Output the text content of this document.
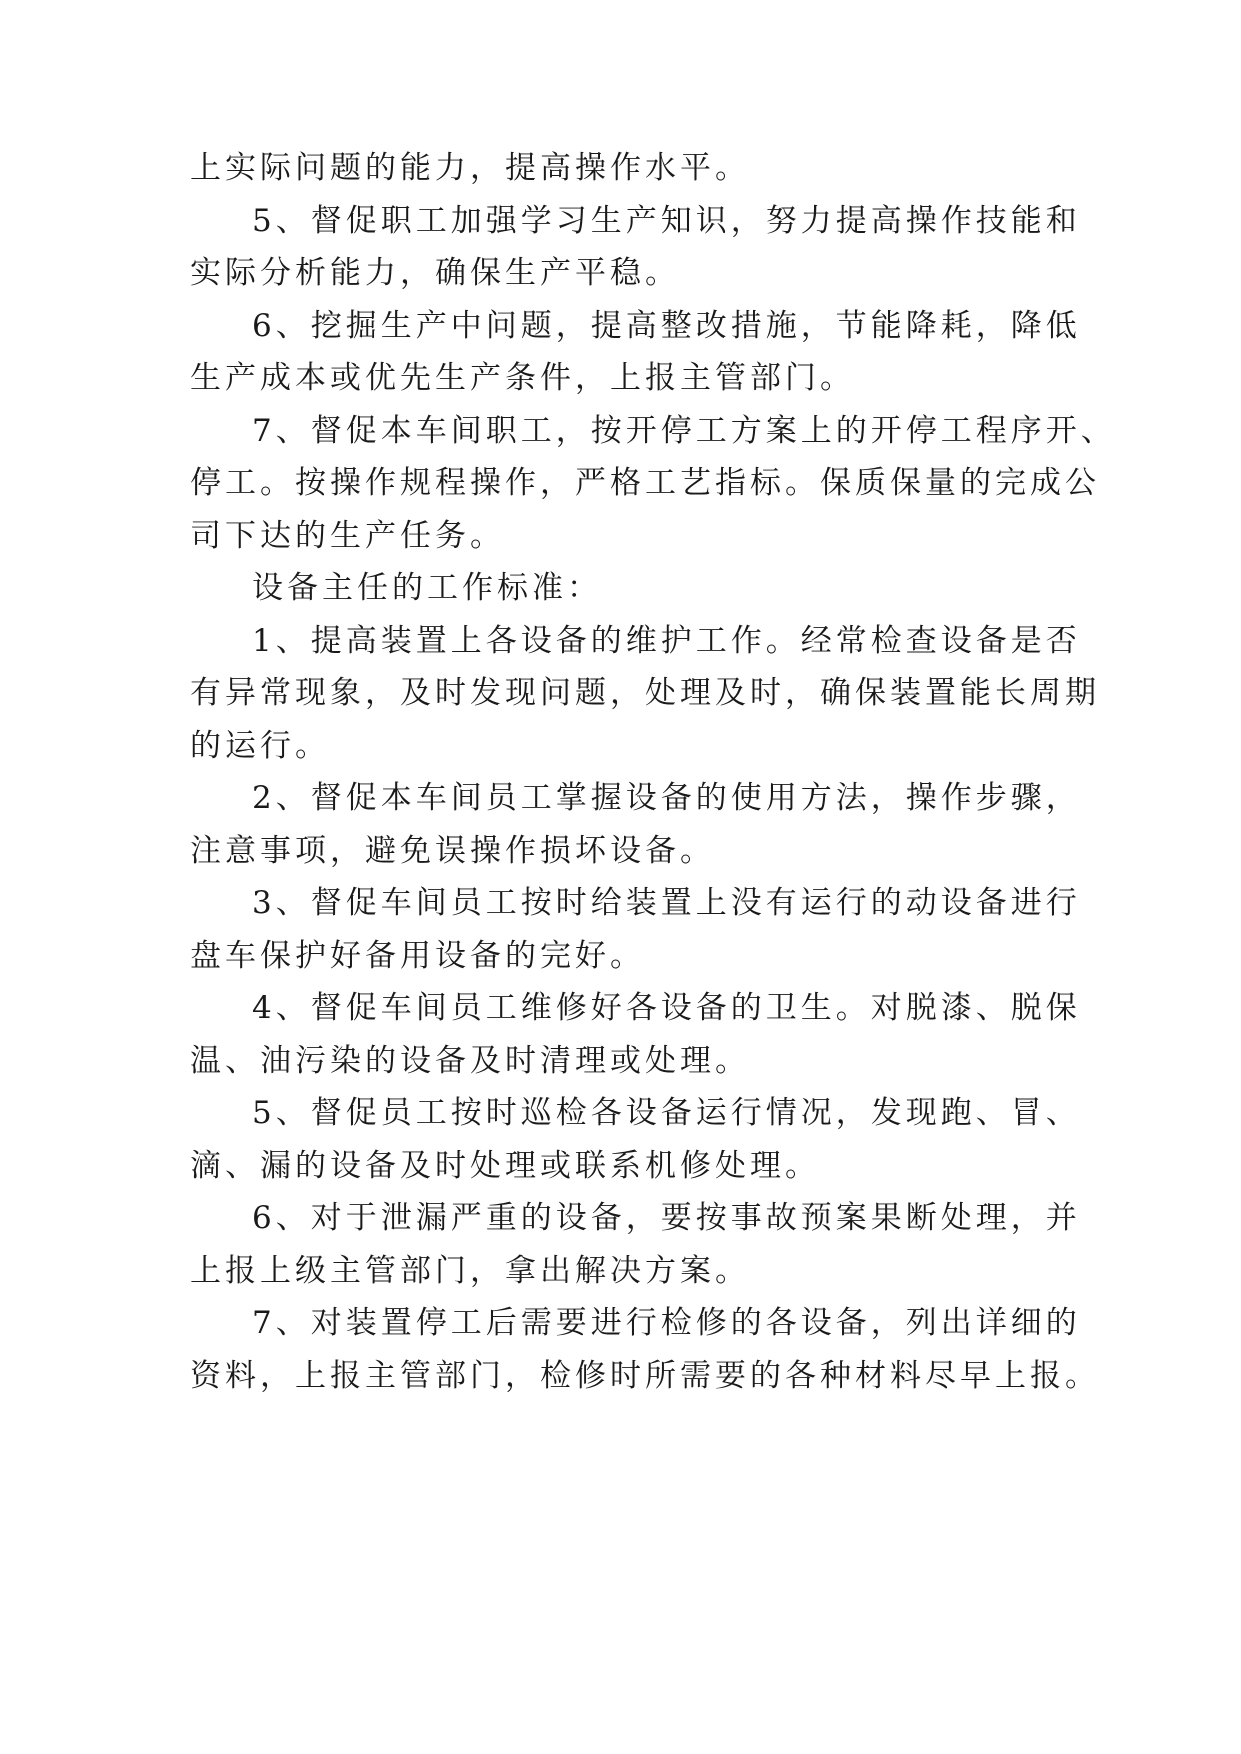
上实际问题的能力，提高操作水平。
5、督促职工加强学习生产知识，努力提高操作技能和
实际分析能力，确保生产平稳。
6、挖掘生产中问题，提高整改措施，节能降耗，降低
生产成本或优先生产条件，上报主管部门。
7、督促本车间职工，按开停工方案上的开停工程序开、
停工。按操作规程操作，严格工艺指标。保质保量的完成公
司下达的生产任务。
设备主任的工作标准：
1、提高装置上各设备的维护工作。经常检查设备是否
有异常现象，及时发现问题，处理及时，确保装置能长周期
的运行。
2、督促本车间员工掌握设备的使用方法，操作步骤，
注意事项，避免误操作损坏设备。
3、督促车间员工按时给装置上没有运行的动设备进行
盘车保护好备用设备的完好。
4、督促车间员工维修好各设备的卫生。对脱漆、脱保
温、油污染的设备及时清理或处理。
5、督促员工按时巡检各设备运行情况，发现跑、冒、
滴、漏的设备及时处理或联系机修处理。
6、对于泄漏严重的设备，要按事故预案果断处理，并
上报上级主管部门，拿出解决方案。
7、对装置停工后需要进行检修的各设备，列出详细的
资料，上报主管部门，检修时所需要的各种材料尽早上报。
